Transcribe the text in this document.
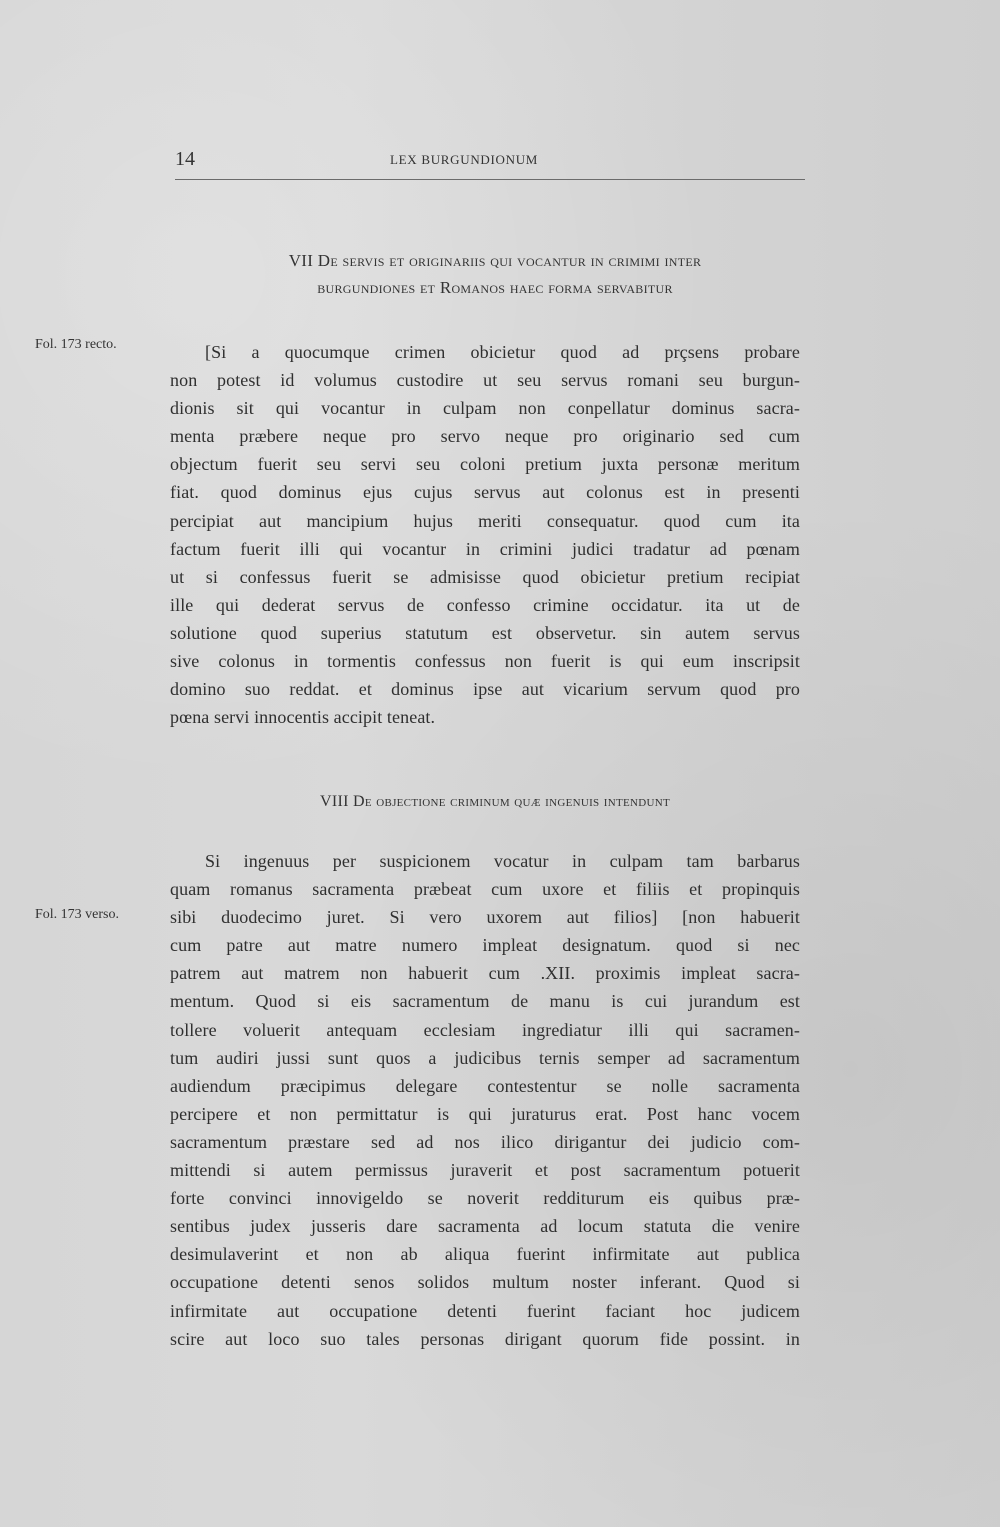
14	LEX BURGUNDIONUM
Fol. 173 recto.
Fol. 173 verso.
VII De servis et originariis qui vocantur in crimimi inter
burgundiones et Romanos haec forma servabitur
[Si a quocumque crimen obicietur quod ad prçsens probare
non potest id volumus custodire ut seu servus romani seu burgun-
dionis sit qui vocantur in culpam non conpellatur dominus sacra-
menta præbere neque pro servo neque pro originario sed cum
objectum fuerit seu servi seu coloni pretium juxta personæ meritum
fiat. quod dominus ejus cujus servus aut colonus est in presenti
percipiat aut mancipium hujus meriti consequatur. quod cum ita
factum fuerit illi qui vocantur in crimini judici tradatur ad pœnam
ut si confessus fuerit se admisisse quod obicietur pretium recipiat
ille qui dederat servus de confesso crimine occidatur. ita ut de
solutione quod superius statutum est observetur. sin autem servus
sive colonus in tormentis confessus non fuerit is qui eum inscripsit
domino suo reddat. et dominus ipse aut vicarium servum quod pro
pœna servi innocentis accipit teneat.
VIII De objectione criminum quæ ingenuis intendunt
Si ingenuus per suspicionem vocatur in culpam tam barbarus
quam romanus sacramenta præbeat cum uxore et filiis et propinquis
sibi duodecimo juret. Si vero uxorem aut filios] [non habuerit
cum patre aut matre numero impleat designatum. quod si nec
patrem aut matrem non habuerit cum .XII. proximis impleat sacra-
mentum. Quod si eis sacramentum de manu is cui jurandum est
tollere voluerit antequam ecclesiam ingrediatur illi qui sacramen-
tum audiri jussi sunt quos a judicibus ternis semper ad sacramentum
audiendum præcipimus delegare contestentur se nolle sacramenta
percipere et non permittatur is qui juraturus erat. Post hanc vocem
sacramentum præstare sed ad nos ilico dirigantur dei judicio com-
mittendi si autem permissus juraverit et post sacramentum potuerit
forte convinci innovigeldo se noverit redditurum eis quibus præ-
sentibus judex jusseris dare sacramenta ad locum statuta die venire
desimulaverint et non ab aliqua fuerint infirmitate aut publica
occupatione detenti senos solidos multum noster inferant. Quod si
infirmitate aut occupatione detenti fuerint faciant hoc judicem
scire aut loco suo tales personas dirigant quorum fide possint. in
